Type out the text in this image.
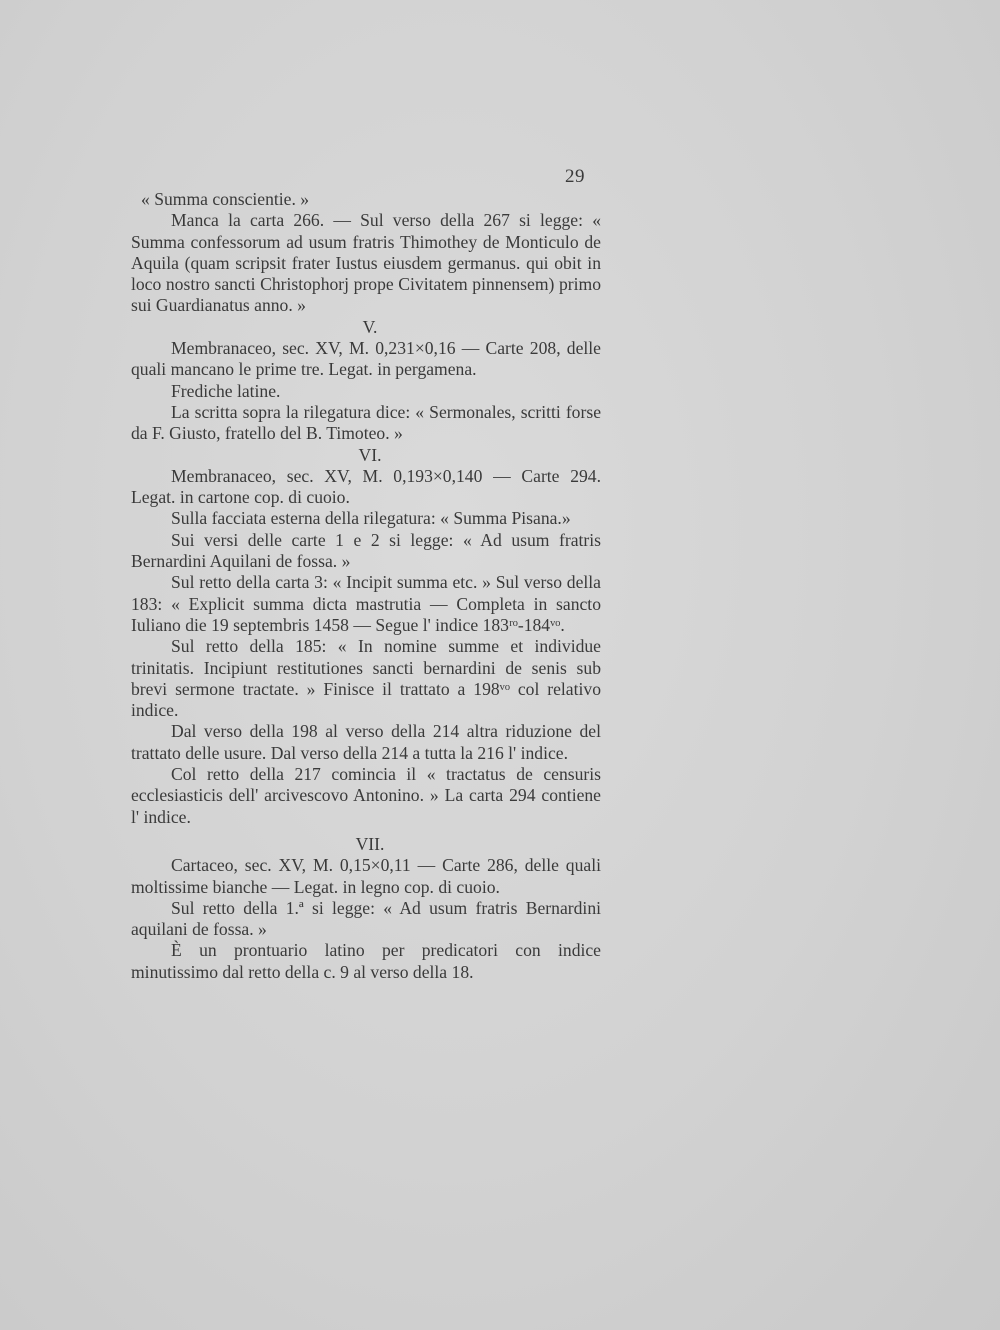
29

« Summa conscientie. »

Manca la carta 266. — Sul verso della 267 si legge: « Summa confessorum ad usum fratris Thimothey de Monticulo de Aquila (quam scripsit frater Iustus eiusdem germanus. qui obit in loco nostro sancti Christophorj prope Civitatem pinnensem) primo sui Guardianatus anno. »

V.

Membranaceo, sec. XV, M. 0,231×0,16 — Carte 208, delle quali mancano le prime tre. Legat. in pergamena.

Frediche latine.

La scritta sopra la rilegatura dice: « Sermonales, scritti forse da F. Giusto, fratello del B. Timoteo. »

VI.

Membranaceo, sec. XV, M. 0,193×0,140 — Carte 294. Legat. in cartone cop. di cuoio.

Sulla facciata esterna della rilegatura: « Summa Pisana.»

Sui versi delle carte 1 e 2 si legge: « Ad usum fratris Bernardini Aquilani de fossa. »

Sul retto della carta 3: « Incipit summa etc. » Sul verso della 183: « Explicit summa dicta mastrutia — Completa in sancto Iuliano die 19 septembris 1458 — Segue l' indice 183ʳᵒ-184ᵛᵒ.

Sul retto della 185: « In nomine summe et individue trinitatis. Incipiunt restitutiones sancti bernardini de senis sub brevi sermone tractate. » Finisce il trattato a 198ᵛᵒ col relativo indice.

Dal verso della 198 al verso della 214 altra riduzione del trattato delle usure. Dal verso della 214 a tutta la 216 l' indice.

Col retto della 217 comincia il « tractatus de censuris ecclesiasticis dell' arcivescovo Antonino. » La carta 294 contiene l' indice.

VII.

Cartaceo, sec. XV, M. 0,15×0,11 — Carte 286, delle quali moltissime bianche — Legat. in legno cop. di cuoio.

Sul retto della 1.ª si legge: « Ad usum fratris Bernardini aquilani de fossa. »

È un prontuario latino per predicatori con indice minutissimo dal retto della c. 9 al verso della 18.
